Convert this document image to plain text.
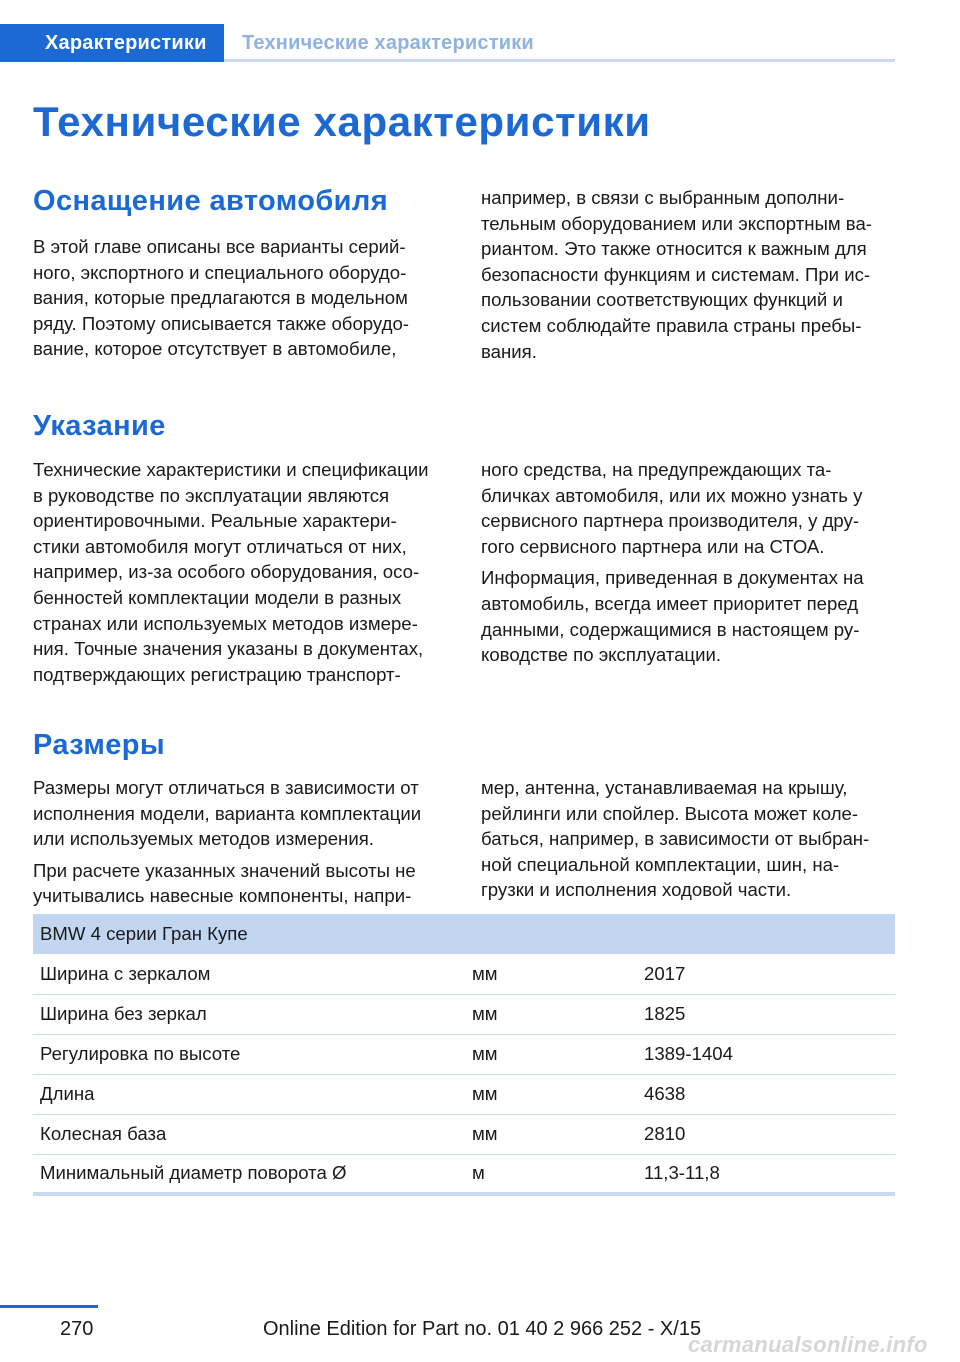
Характеристики	Технические характеристики
Технические характеристики
Оснащение автомобиля

В этой главе описаны все варианты серий-
ного, экспортного и специального оборудо-
вания, которые предлагаются в модельном
ряду. Поэтому описывается также оборудо-
вание, которое отсутствует в автомобиле,

например, в связи с выбранным дополни-
тельным оборудованием или экспортным ва-
риантом. Это также относится к важным для
безопасности функциям и системам. При ис-
пользовании соответствующих функций и
систем соблюдайте правила страны пребы-
вания.

Указание

Технические характеристики и спецификации
в руководстве по эксплуатации являются
ориентировочными. Реальные характери-
стики автомобиля могут отличаться от них,
например, из-за особого оборудования, осо-
бенностей комплектации модели в разных
странах или используемых методов измере-
ния. Точные значения указаны в документах,
подтверждающих регистрацию транспорт-

ного средства, на предупреждающих та-
бличках автомобиля, или их можно узнать у
сервисного партнера производителя, у дру-
гого сервисного партнера или на СТОА.

Информация, приведенная в документах на
автомобиль, всегда имеет приоритет перед
данными, содержащимися в настоящем ру-
ководстве по эксплуатации.

Размеры

Размеры могут отличаться в зависимости от
исполнения модели, варианта комплектации
или используемых методов измерения.

При расчете указанных значений высоты не
учитывались навесные компоненты, напри-

мер, антенна, устанавливаемая на крышу,
рейлинги или спойлер. Высота может коле-
баться, например, в зависимости от выбран-
ной специальной комплектации, шин, на-
грузки и исполнения ходовой части.

BMW 4 серии Гран Купе		
Ширина с зеркалом	мм	2017
Ширина без зеркал	мм	1825
Регулировка по высоте	мм	1389-1404
Длина	мм	4638
Колесная база	мм	2810
Минимальный диаметр поворота Ø	м	11,3-11,8
270	Online Edition for Part no. 01 40 2 966 252 - X/15
carmanualsonline.info
